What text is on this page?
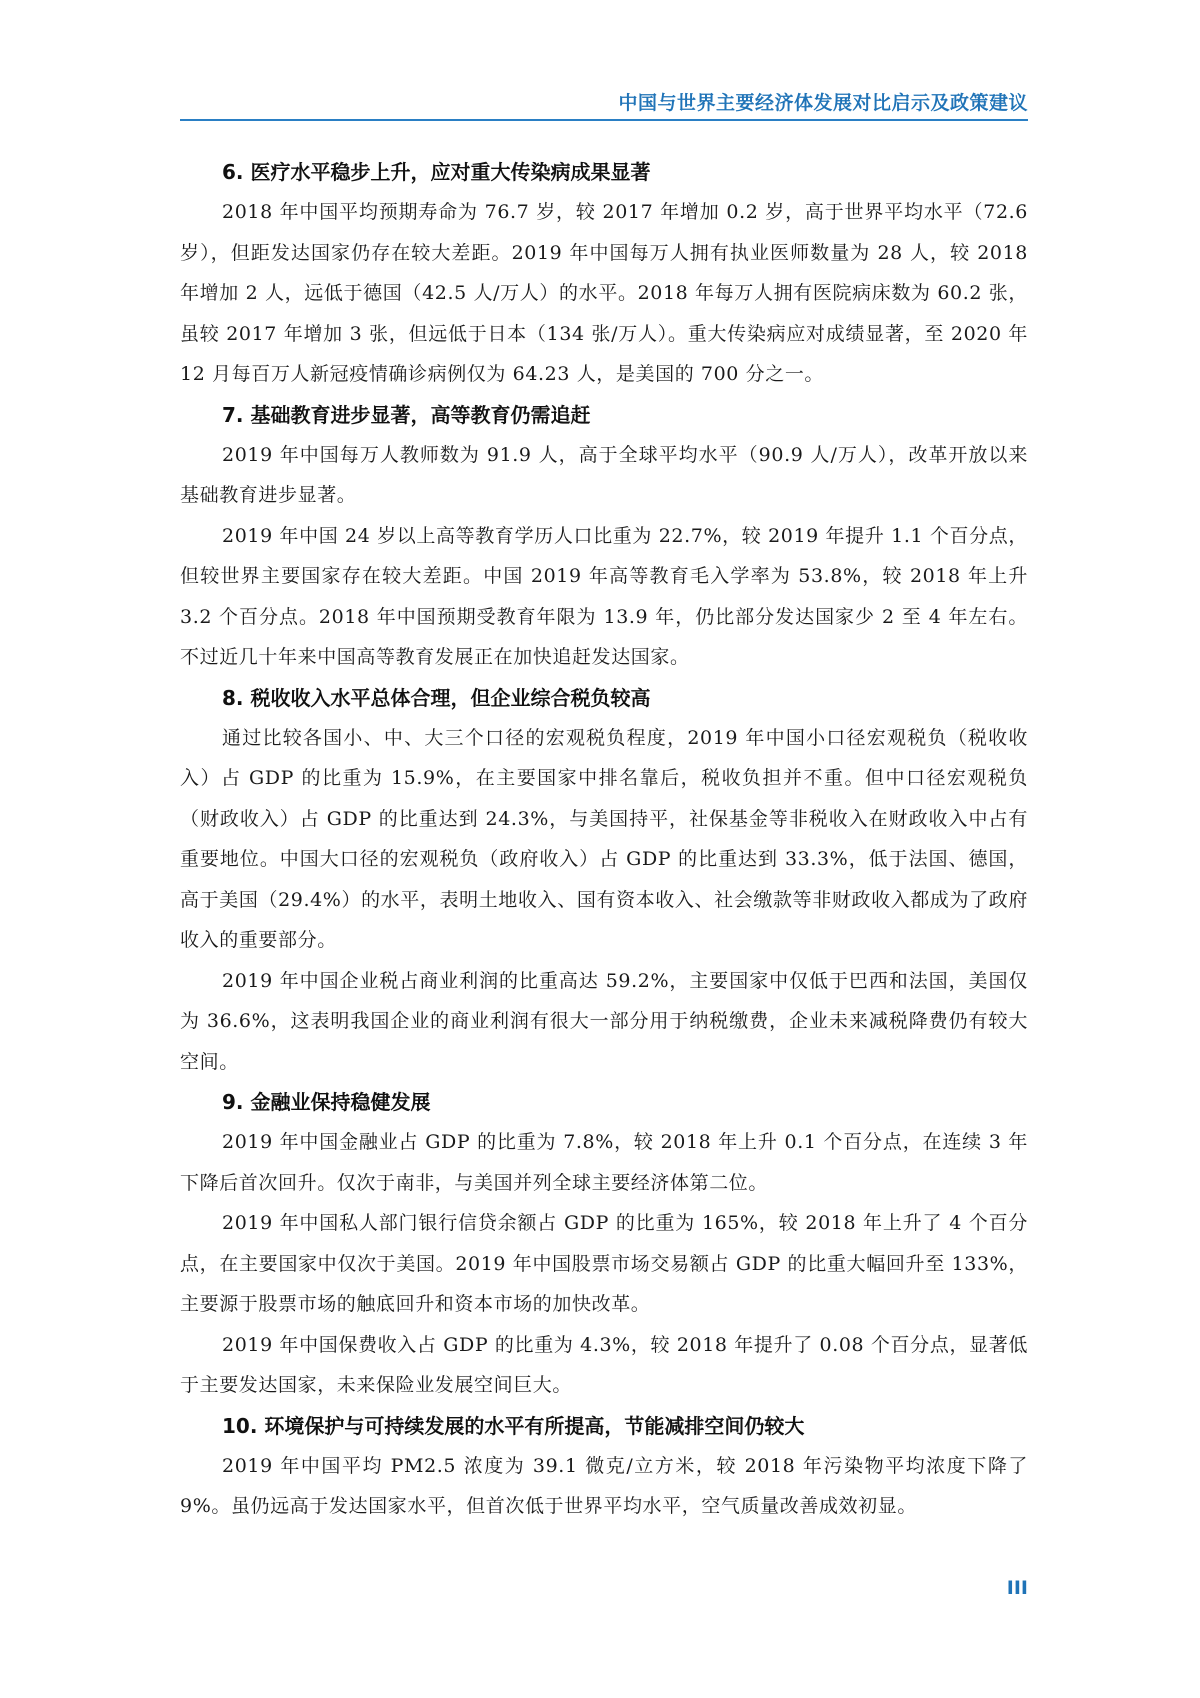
中国与世界主要经济体发展对比启示及政策建议

6. 医疗水平稳步上升，应对重大传染病成果显著

2018 年中国平均预期寿命为 76.7 岁，较 2017 年增加 0.2 岁，高于世界平均水平（72.6 岁），但距发达国家仍存在较大差距。2019 年中国每万人拥有执业医师数量为 28 人，较 2018 年增加 2 人，远低于德国（42.5 人/万人）的水平。2018 年每万人拥有医院病床数为 60.2 张，虽较 2017 年增加 3 张，但远低于日本（134 张/万人）。重大传染病应对成绩显著，至 2020 年 12 月每百万人新冠疫情确诊病例仅为 64.23 人，是美国的 700 分之一。

7. 基础教育进步显著，高等教育仍需追赶

2019 年中国每万人教师数为 91.9 人，高于全球平均水平（90.9 人/万人），改革开放以来基础教育进步显著。

2019 年中国 24 岁以上高等教育学历人口比重为 22.7%，较 2019 年提升 1.1 个百分点，但较世界主要国家存在较大差距。中国 2019 年高等教育毛入学率为 53.8%，较 2018 年上升 3.2 个百分点。2018 年中国预期受教育年限为 13.9 年，仍比部分发达国家少 2 至 4 年左右。不过近几十年来中国高等教育发展正在加快追赶发达国家。

8. 税收收入水平总体合理，但企业综合税负较高

通过比较各国小、中、大三个口径的宏观税负程度，2019 年中国小口径宏观税负（税收收入）占 GDP 的比重为 15.9%，在主要国家中排名靠后，税收负担并不重。但中口径宏观税负（财政收入）占 GDP 的比重达到 24.3%，与美国持平，社保基金等非税收入在财政收入中占有重要地位。中国大口径的宏观税负（政府收入）占 GDP 的比重达到 33.3%，低于法国、德国，高于美国（29.4%）的水平，表明土地收入、国有资本收入、社会缴款等非财政收入都成为了政府收入的重要部分。

2019 年中国企业税占商业利润的比重高达 59.2%，主要国家中仅低于巴西和法国，美国仅为 36.6%，这表明我国企业的商业利润有很大一部分用于纳税缴费，企业未来减税降费仍有较大空间。

9. 金融业保持稳健发展

2019 年中国金融业占 GDP 的比重为 7.8%，较 2018 年上升 0.1 个百分点，在连续 3 年下降后首次回升。仅次于南非，与美国并列全球主要经济体第二位。

2019 年中国私人部门银行信贷余额占 GDP 的比重为 165%，较 2018 年上升了 4 个百分点，在主要国家中仅次于美国。2019 年中国股票市场交易额占 GDP 的比重大幅回升至 133%，主要源于股票市场的触底回升和资本市场的加快改革。

2019 年中国保费收入占 GDP 的比重为 4.3%，较 2018 年提升了 0.08 个百分点，显著低于主要发达国家，未来保险业发展空间巨大。

10. 环境保护与可持续发展的水平有所提高，节能减排空间仍较大

2019 年中国平均 PM2.5 浓度为 39.1 微克/立方米，较 2018 年污染物平均浓度下降了 9%。虽仍远高于发达国家水平，但首次低于世界平均水平，空气质量改善成效初显。

III
